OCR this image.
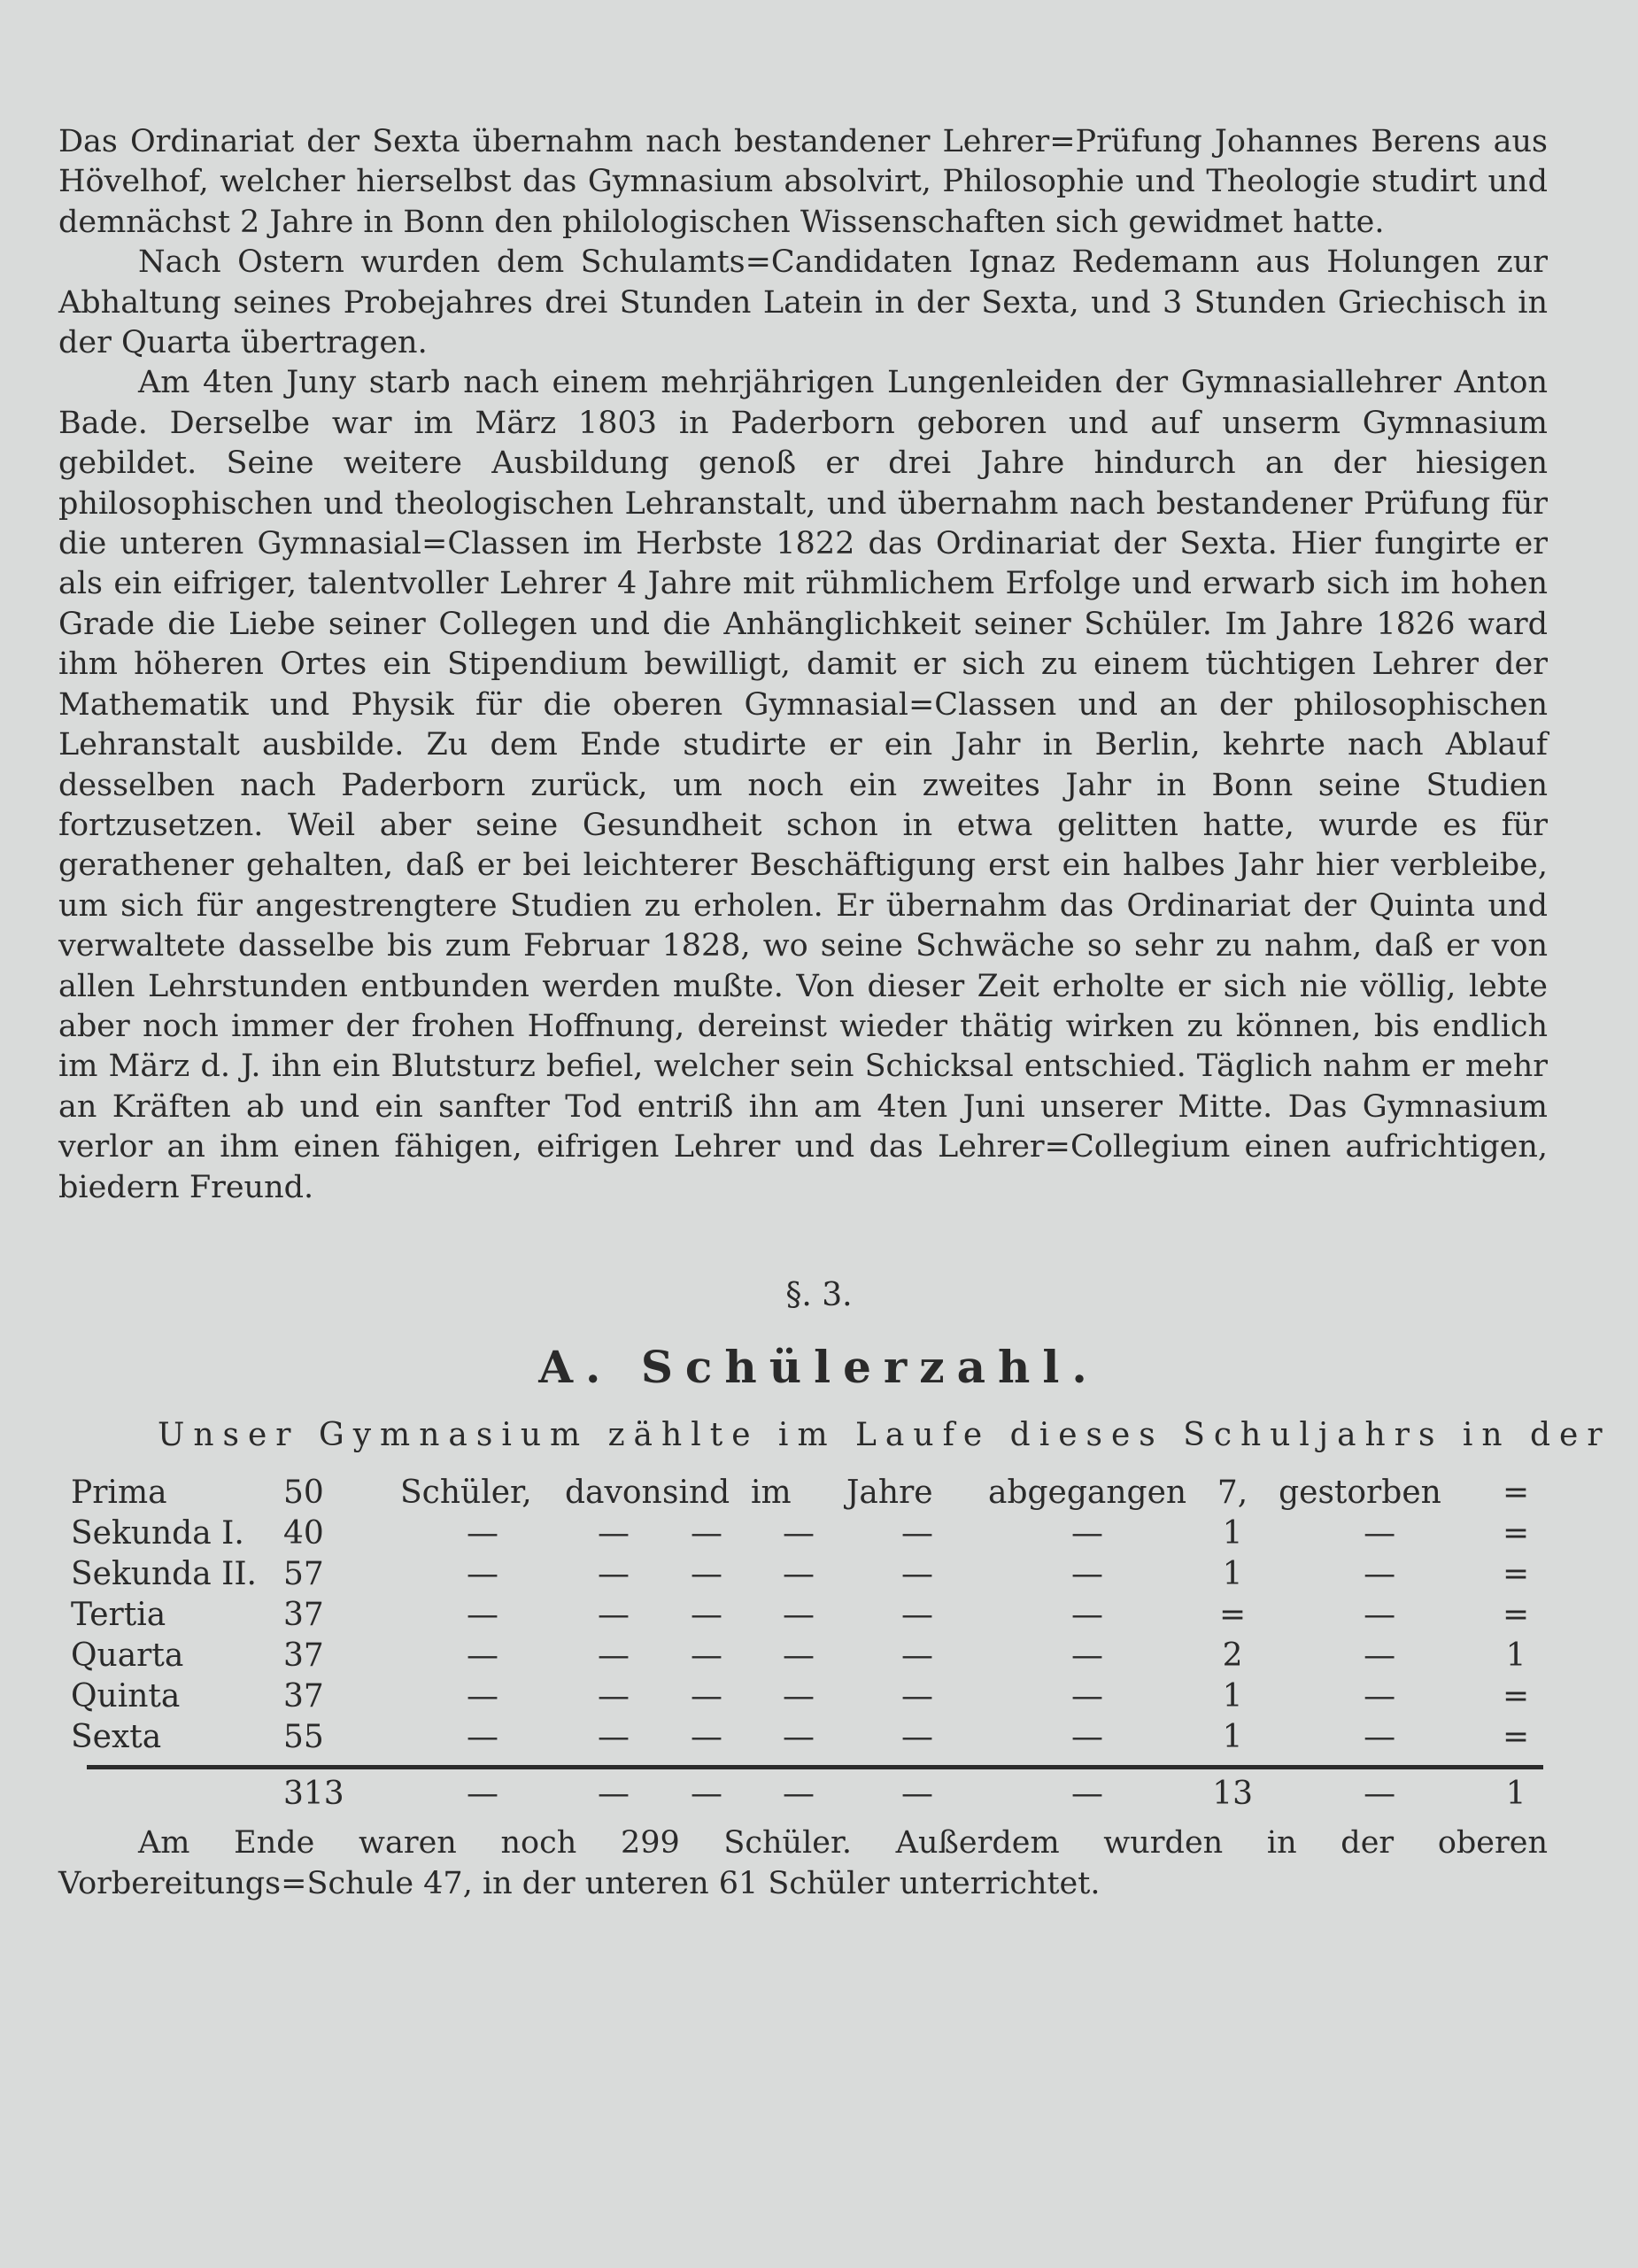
Das Ordinariat der Sexta übernahm nach bestandener Lehrer=Prüfung Johannes Berens aus Hövelhof, welcher hierselbst das Gymnasium absolvirt, Philosophie und Theologie studirt und demnächst 2 Jahre in Bonn den philologischen Wissenschaften sich gewidmet hatte.

Nach Ostern wurden dem Schulamts=Candidaten Ignaz Redemann aus Holungen zur Abhaltung seines Probejahres drei Stunden Latein in der Sexta, und 3 Stunden Griechisch in der Quarta übertragen.

Am 4ten Juny starb nach einem mehrjährigen Lungenleiden der Gymnasiallehrer Anton Bade. Derselbe war im März 1803 in Paderborn geboren und auf unserm Gymnasium gebildet. Seine weitere Ausbildung genoß er drei Jahre hindurch an der hiesigen philosophischen und theologischen Lehranstalt, und übernahm nach bestandener Prüfung für die unteren Gymnasial=Classen im Herbste 1822 das Ordinariat der Sexta. Hier fungirte er als ein eifriger, talentvoller Lehrer 4 Jahre mit rühmlichem Erfolge und erwarb sich im hohen Grade die Liebe seiner Collegen und die Anhänglichkeit seiner Schüler. Im Jahre 1826 ward ihm höheren Ortes ein Stipendium bewilligt, damit er sich zu einem tüchtigen Lehrer der Mathematik und Physik für die oberen Gymnasial=Classen und an der philosophischen Lehranstalt ausbilde. Zu dem Ende studirte er ein Jahr in Berlin, kehrte nach Ablauf desselben nach Paderborn zurück, um noch ein zweites Jahr in Bonn seine Studien fortzusetzen. Weil aber seine Gesundheit schon in etwa gelitten hatte, wurde es für gerathener gehalten, daß er bei leichterer Beschäftigung erst ein halbes Jahr hier verbleibe, um sich für angestrengtere Studien zu erholen. Er übernahm das Ordinariat der Quinta und verwaltete dasselbe bis zum Februar 1828, wo seine Schwäche so sehr zu nahm, daß er von allen Lehrstunden entbunden werden mußte. Von dieser Zeit erholte er sich nie völlig, lebte aber noch immer der frohen Hoffnung, dereinst wieder thätig wirken zu können, bis endlich im März d. J. ihn ein Blutsturz befiel, welcher sein Schicksal entschied. Täglich nahm er mehr an Kräften ab und ein sanfter Tod entriß ihn am 4ten Juni unserer Mitte. Das Gymnasium verlor an ihm einen fähigen, eifrigen Lehrer und das Lehrer=Collegium einen aufrichtigen, biedern Freund.

§. 3.
A. Schülerzahl.
Unser Gymnasium zählte im Laufe dieses Schuljahrs in der
Prima	50	Schüler,	davon	sind	im	Jahre	abgegangen	7,	gestorben	=
Sekunda I.	40	—	—	—	—	—	—	1	—	=
Sekunda II.	57	—	—	—	—	—	—	1	—	=
Tertia	37	—	—	—	—	—	—	=	—	=
Quarta	37	—	—	—	—	—	—	2	—	1
Quinta	37	—	—	—	—	—	—	1	—	=
Sexta	55	—	—	—	—	—	—	1	—	=
	313	—	—	—	—	—	—	13	—	1

Am Ende waren noch 299 Schüler. Außerdem wurden in der oberen Vorbereitungs=Schule 47, in der unteren 61 Schüler unterrichtet.
